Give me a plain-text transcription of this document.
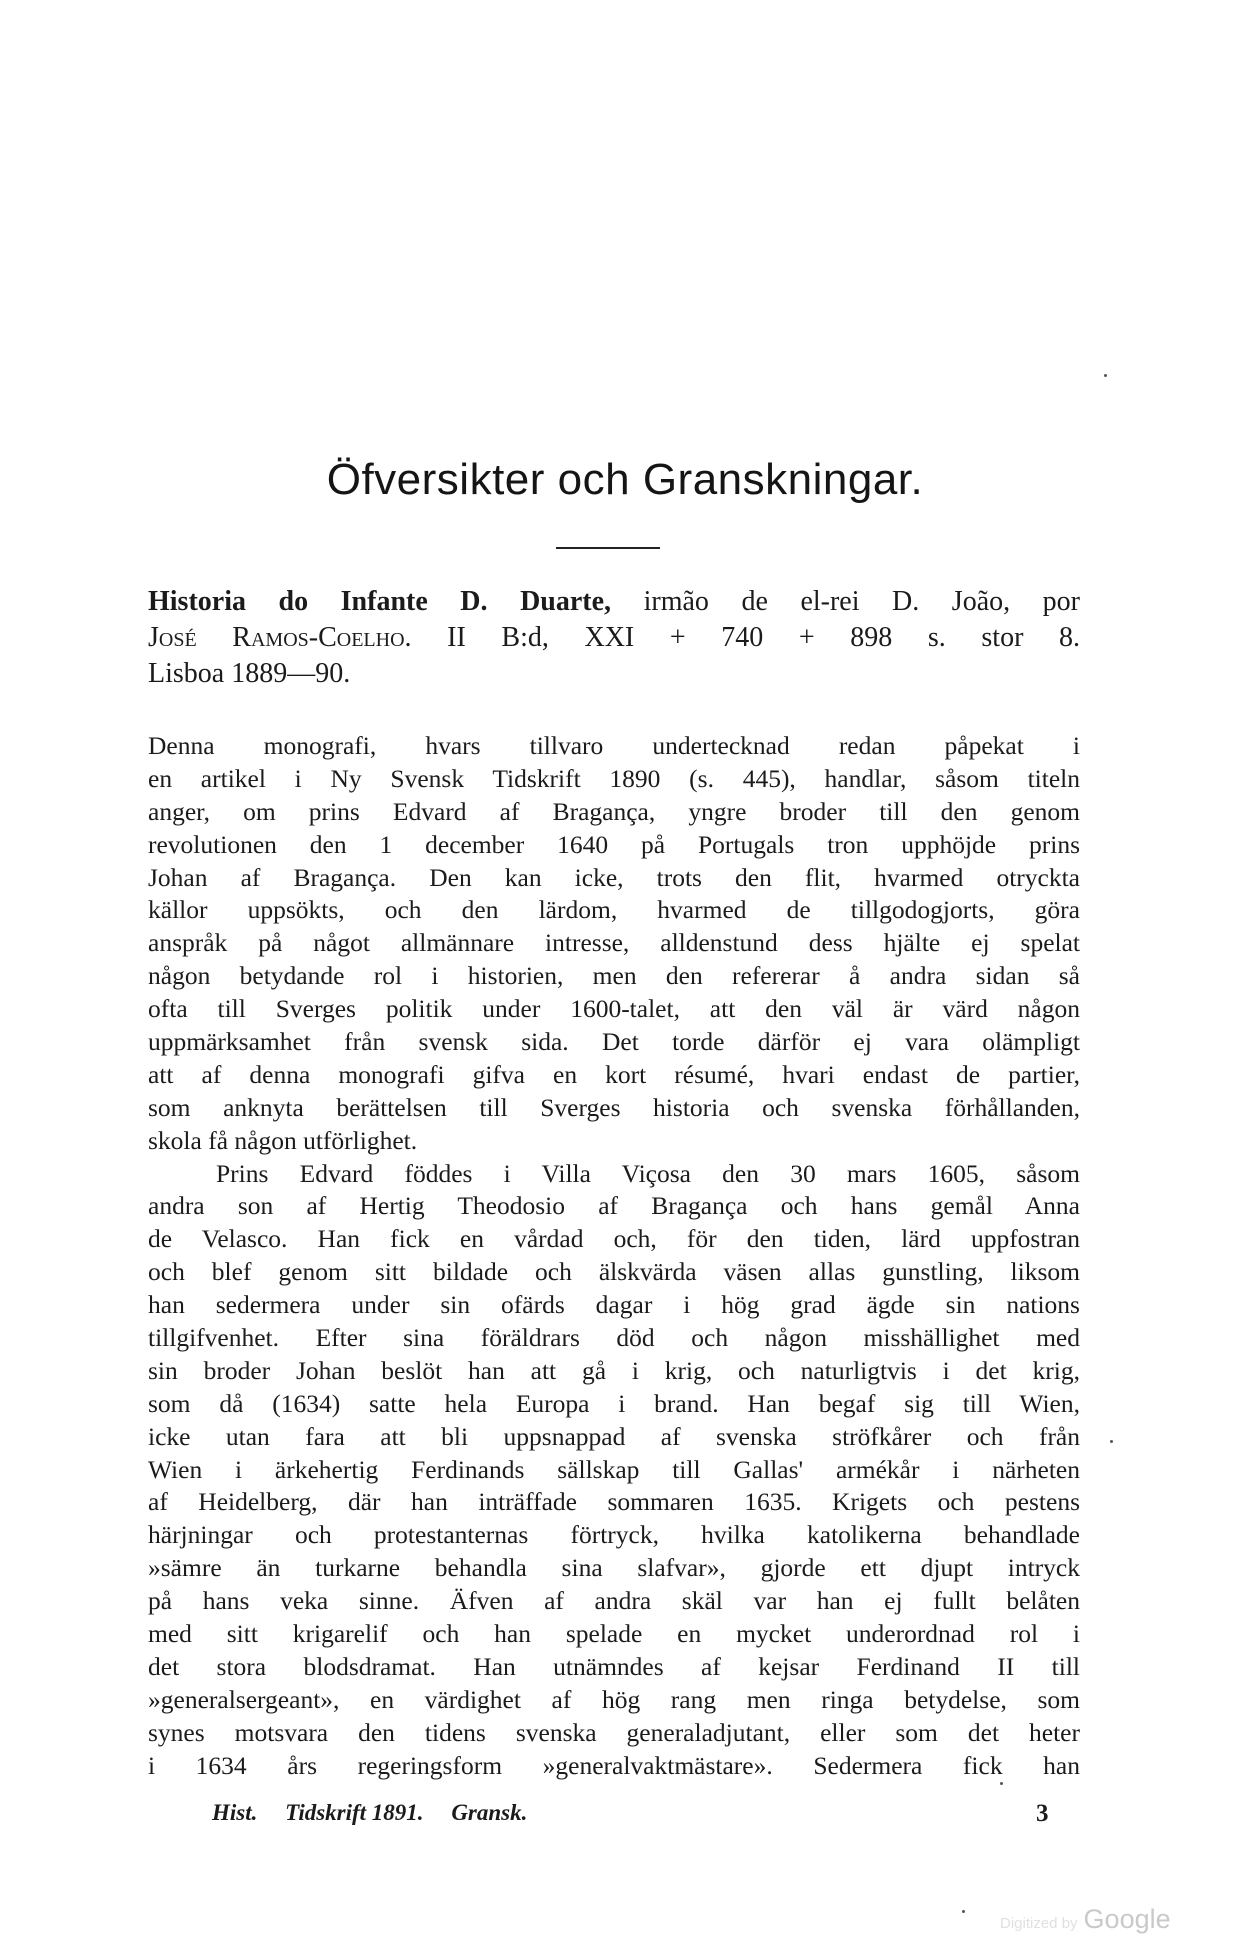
Öfversikter och Granskningar.
Historia do Infante D. Duarte, irmão de el-rei D. João, por
José Ramos-Coelho. II B:d, XXI + 740 + 898 s. stor 8.
Lisboa 1889—90.
Denna monografi, hvars tillvaro undertecknad redan påpekat i
en artikel i Ny Svensk Tidskrift 1890 (s. 445), handlar, såsom titeln
anger, om prins Edvard af Bragança, yngre broder till den genom
revolutionen den 1 december 1640 på Portugals tron upphöjde prins
Johan af Bragança. Den kan icke, trots den flit, hvarmed otryckta
källor uppsökts, och den lärdom, hvarmed de tillgodogjorts, göra
anspråk på något allmännare intresse, alldenstund dess hjälte ej spelat
någon betydande rol i historien, men den refererar å andra sidan så
ofta till Sverges politik under 1600-talet, att den väl är värd någon
uppmärksamhet från svensk sida. Det torde därför ej vara olämpligt
att af denna monografi gifva en kort résumé, hvari endast de partier,
som anknyta berättelsen till Sverges historia och svenska förhållanden,
skola få någon utförlighet.
Prins Edvard föddes i Villa Viçosa den 30 mars 1605, såsom
andra son af Hertig Theodosio af Bragança och hans gemål Anna
de Velasco. Han fick en vårdad och, för den tiden, lärd uppfostran
och blef genom sitt bildade och älskvärda väsen allas gunstling, liksom
han sedermera under sin ofärds dagar i hög grad ägde sin nations
tillgifvenhet. Efter sina föräldrars död och någon misshällighet med
sin broder Johan beslöt han att gå i krig, och naturligtvis i det krig,
som då (1634) satte hela Europa i brand. Han begaf sig till Wien,
icke utan fara att bli uppsnappad af svenska ströfkårer och från
Wien i ärkehertig Ferdinands sällskap till Gallas' armékår i närheten
af Heidelberg, där han inträffade sommaren 1635. Krigets och pestens
härjningar och protestanternas förtryck, hvilka katolikerna behandlade
»sämre än turkarne behandla sina slafvar», gjorde ett djupt intryck
på hans veka sinne. Äfven af andra skäl var han ej fullt belåten
med sitt krigarelif och han spelade en mycket underordnad rol i
det stora blodsdramat. Han utnämndes af kejsar Ferdinand II till
»generalsergeant», en värdighet af hög rang men ringa betydelse, som
synes motsvara den tidens svenska generaladjutant, eller som det heter
i 1634 års regeringsform »generalvaktmästare». Sedermera fick han
Hist. Tidskrift 1891. Gransk.	3
Digitized by Google
